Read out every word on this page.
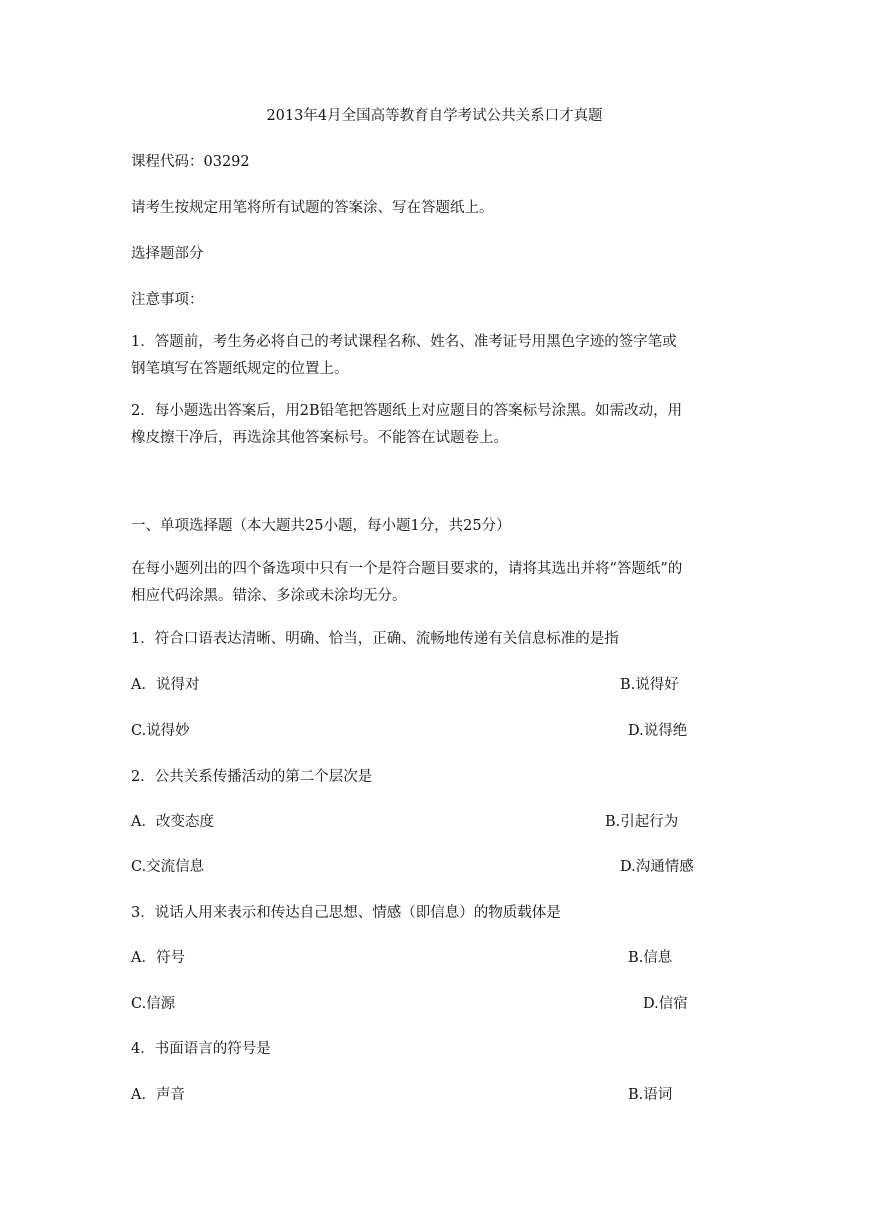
2013年4月全国高等教育自学考试公共关系口才真题
课程代码：03292
请考生按规定用笔将所有试题的答案涂、写在答题纸上。
选择题部分
注意事项：
1．答题前，考生务必将自己的考试课程名称、姓名、准考证号用黑色字迹的签字笔或钢笔填写在答题纸规定的位置上。
2．每小题选出答案后，用2B铅笔把答题纸上对应题目的答案标号涂黑。如需改动，用橡皮擦干净后，再选涂其他答案标号。不能答在试题卷上。
一、单项选择题（本大题共25小题，每小题1分，共25分）
在每小题列出的四个备选项中只有一个是符合题目要求的，请将其选出并将“答题纸”的相应代码涂黑。错涂、多涂或未涂均无分。
1．符合口语表达清晰、明确、恰当，正确、流畅地传递有关信息标准的是指
A．说得对	B.说得好
C.说得妙	D.说得绝
2．公共关系传播活动的第二个层次是
A．改变态度	B.引起行为
C.交流信息	D.沟通情感
3．说话人用来表示和传达自己思想、情感（即信息）的物质载体是
A．符号	B.信息
C.信源	D.信宿
4．书面语言的符号是
A．声音	B.语词
